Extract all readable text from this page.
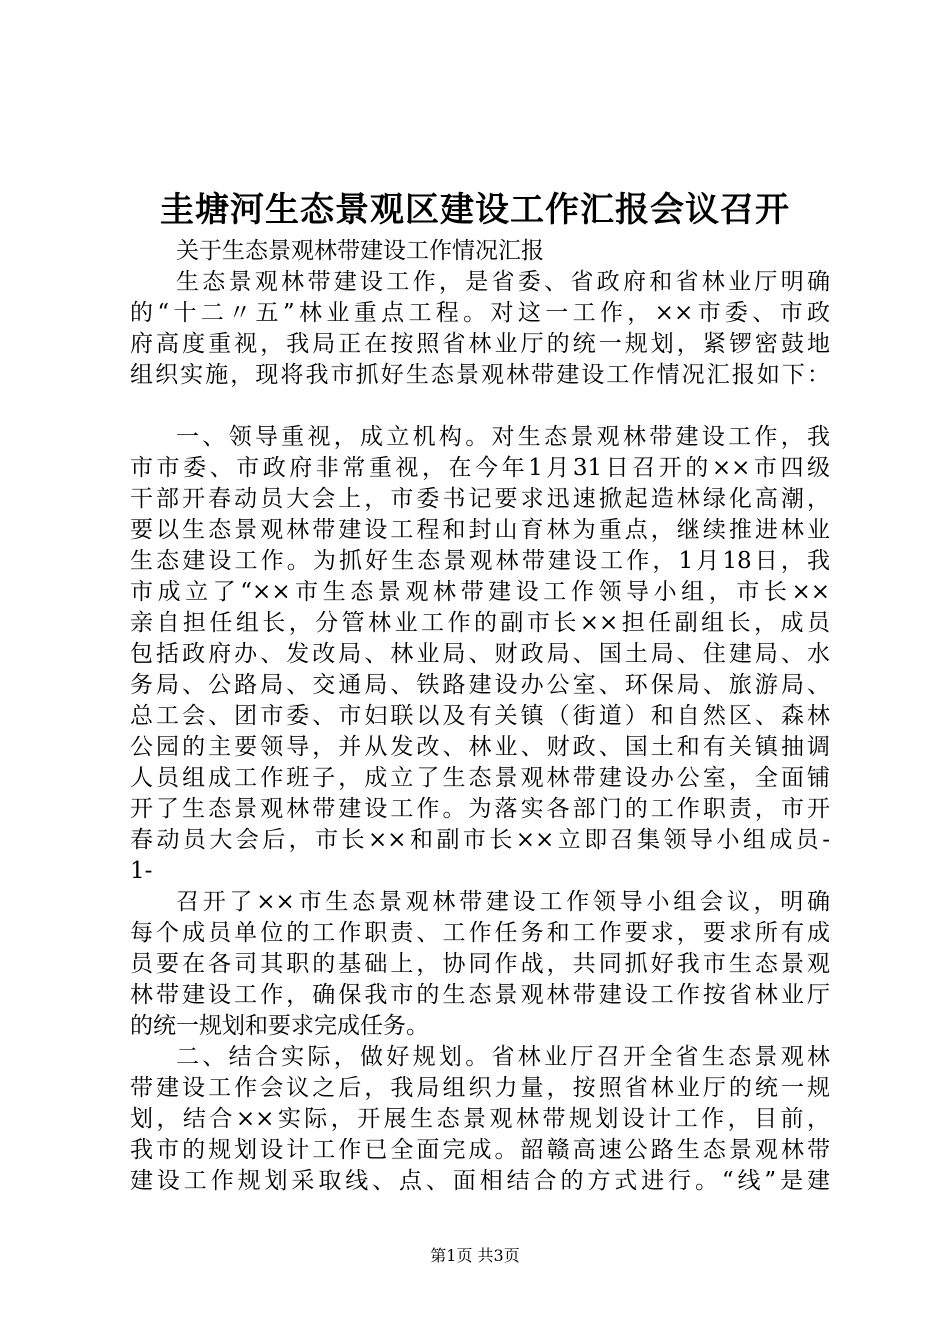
圭塘河生态景观区建设工作汇报会议召开
关于生态景观林带建设工作情况汇报
生态景观林带建设工作，是省委、省政府和省林业厅明确
的“十二〃五”林业重点工程。对这一工作，××市委、市政
府高度重视，我局正在按照省林业厅的统一规划，紧锣密鼓地
组织实施，现将我市抓好生态景观林带建设工作情况汇报如下：
一、领导重视，成立机构。对生态景观林带建设工作，我
市市委、市政府非常重视，在今年1月31日召开的××市四级
干部开春动员大会上，市委书记要求迅速掀起造林绿化高潮，
要以生态景观林带建设工程和封山育林为重点，继续推进林业
生态建设工作。为抓好生态景观林带建设工作，1月18日，我
市成立了“××市生态景观林带建设工作领导小组，市长××
亲自担任组长，分管林业工作的副市长××担任副组长，成员
包括政府办、发改局、林业局、财政局、国土局、住建局、水
务局、公路局、交通局、铁路建设办公室、环保局、旅游局、
总工会、团市委、市妇联以及有关镇（街道）和自然区、森林
公园的主要领导，并从发改、林业、财政、国土和有关镇抽调
人员组成工作班子，成立了生态景观林带建设办公室，全面铺
开了生态景观林带建设工作。为落实各部门的工作职责，市开
春动员大会后，市长××和副市长××立即召集领导小组成员-
1-
召开了××市生态景观林带建设工作领导小组会议，明确
每个成员单位的工作职责、工作任务和工作要求，要求所有成
员要在各司其职的基础上，协同作战，共同抓好我市生态景观
林带建设工作，确保我市的生态景观林带建设工作按省林业厅
的统一规划和要求完成任务。
二、结合实际，做好规划。省林业厅召开全省生态景观林
带建设工作会议之后，我局组织力量，按照省林业厅的统一规
划，结合××实际，开展生态景观林带规划设计工作，目前，
我市的规划设计工作已全面完成。韶赣高速公路生态景观林带
建设工作规划采取线、点、面相结合的方式进行。“线”是建
第1页 共3页
